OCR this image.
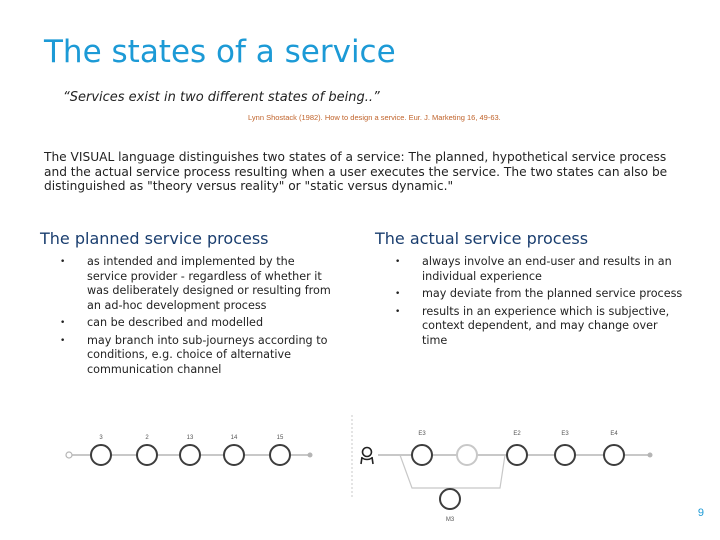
The states of a service
“Services exist in two different states of being..”
Lynn Shostack (1982). How to design a service. Eur. J. Marketing 16, 49-63.
The VISUAL language distinguishes two states of a service: The planned, hypothetical service process and the actual service process resulting when a user executes the service. The two states can also be distinguished as "theory versus reality" or "static versus dynamic."
The planned service process
• as intended and implemented by the service provider - regardless of whether it was deliberately designed or resulting from an ad-hoc development process
• can be described and modelled
• may branch into sub-journeys according to conditions, e.g. choice of alternative communication channel
The actual service process
• always involve an end-user and results in an individual experience
• may deviate from the planned service process
• results in an experience which is subjective, context dependent, and may change over time
3	2	13	14	15
E3	E2	E3	E4
M3
9
